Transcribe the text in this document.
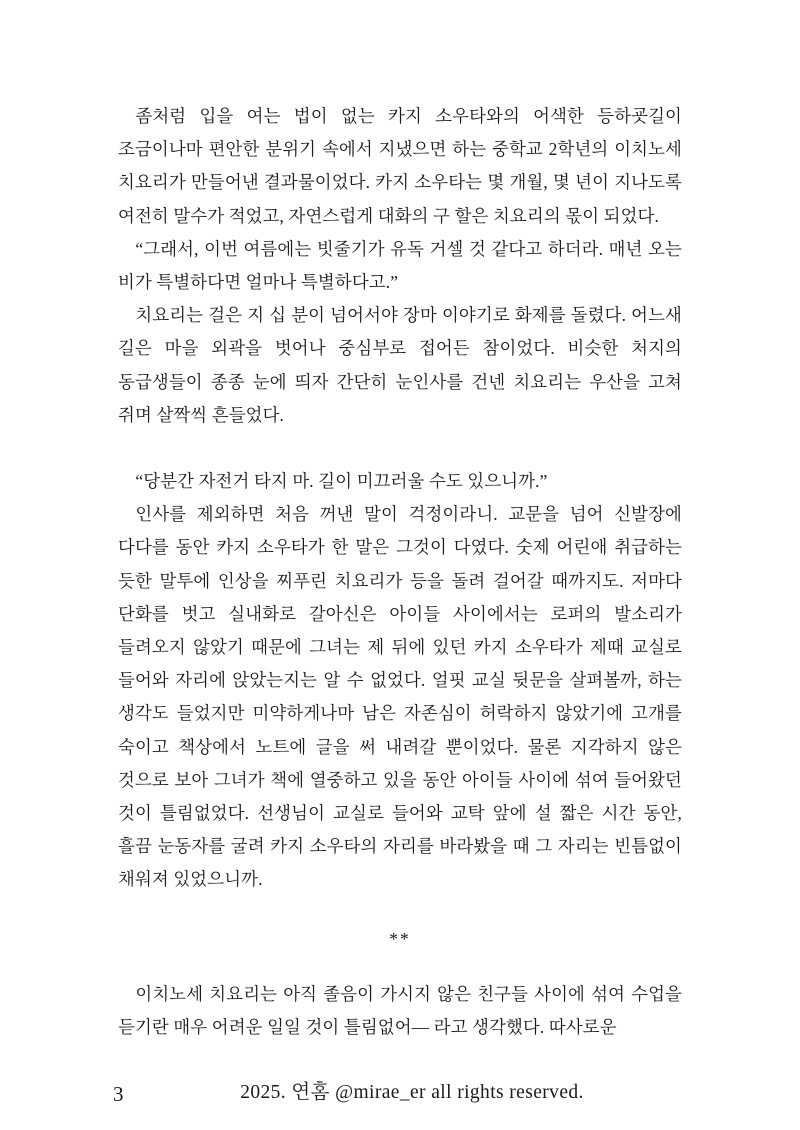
좀처럼 입을 여는 법이 없는 카지 소우타와의 어색한 등하굣길이 조금이나마 편안한 분위기 속에서 지냈으면 하는 중학교 2학년의 이치노세 치요리가 만들어낸 결과물이었다. 카지 소우타는 몇 개월, 몇 년이 지나도록 여전히 말수가 적었고, 자연스럽게 대화의 구 할은 치요리의 몫이 되었다.

“그래서, 이번 여름에는 빗줄기가 유독 거셀 것 같다고 하더라. 매년 오는 비가 특별하다면 얼마나 특별하다고.”

치요리는 걸은 지 십 분이 넘어서야 장마 이야기로 화제를 돌렸다. 어느새 길은 마을 외곽을 벗어나 중심부로 접어든 참이었다. 비슷한 처지의 동급생들이 종종 눈에 띄자 간단히 눈인사를 건넨 치요리는 우산을 고쳐 쥐며 살짝씩 흔들었다.

“당분간 자전거 타지 마. 길이 미끄러울 수도 있으니까.”

인사를 제외하면 처음 꺼낸 말이 걱정이라니. 교문을 넘어 신발장에 다다를 동안 카지 소우타가 한 말은 그것이 다였다. 숫제 어린애 취급하는 듯한 말투에 인상을 찌푸린 치요리가 등을 돌려 걸어갈 때까지도. 저마다 단화를 벗고 실내화로 갈아신은 아이들 사이에서는 로퍼의 발소리가 들려오지 않았기 때문에 그녀는 제 뒤에 있던 카지 소우타가 제때 교실로 들어와 자리에 앉았는지는 알 수 없었다. 얼핏 교실 뒷문을 살펴볼까, 하는 생각도 들었지만 미약하게나마 남은 자존심이 허락하지 않았기에 고개를 숙이고 책상에서 노트에 글을 써 내려갈 뿐이었다. 물론 지각하지 않은 것으로 보아 그녀가 책에 열중하고 있을 동안 아이들 사이에 섞여 들어왔던 것이 틀림없었다. 선생님이 교실로 들어와 교탁 앞에 설 짧은 시간 동안, 흘끔 눈동자를 굴려 카지 소우타의 자리를 바라봤을 때 그 자리는 빈틈없이 채워져 있었으니까.

**

이치노세 치요리는 아직 졸음이 가시지 않은 친구들 사이에 섞여 수업을 듣기란 매우 어려운 일일 것이 틀림없어— 라고 생각했다. 따사로운

3	2025. 연홈 @mirae_er all rights reserved.
